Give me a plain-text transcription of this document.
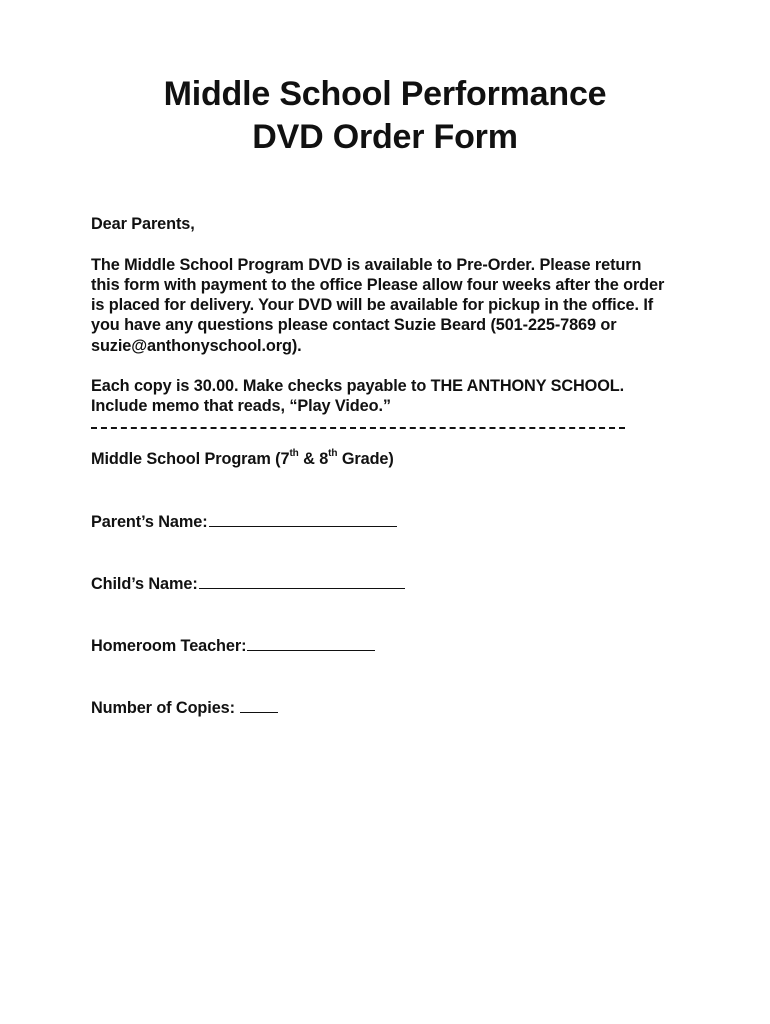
Middle School Performance
DVD Order Form
Dear Parents,
The Middle School Program DVD is available to Pre-Order. Please return
this form with payment to the office Please allow four weeks after the order
is placed for delivery. Your DVD will be available for pickup in the office. If
you have any questions please contact Suzie Beard (501-225-7869 or
suzie@anthonyschool.org).
Each copy is 30.00. Make checks payable to THE ANTHONY SCHOOL.
Include memo that reads, “Play Video.”
Middle School Program (7th & 8th Grade)
Parent’s Name:
Child’s Name:
Homeroom Teacher:
Number of Copies:
